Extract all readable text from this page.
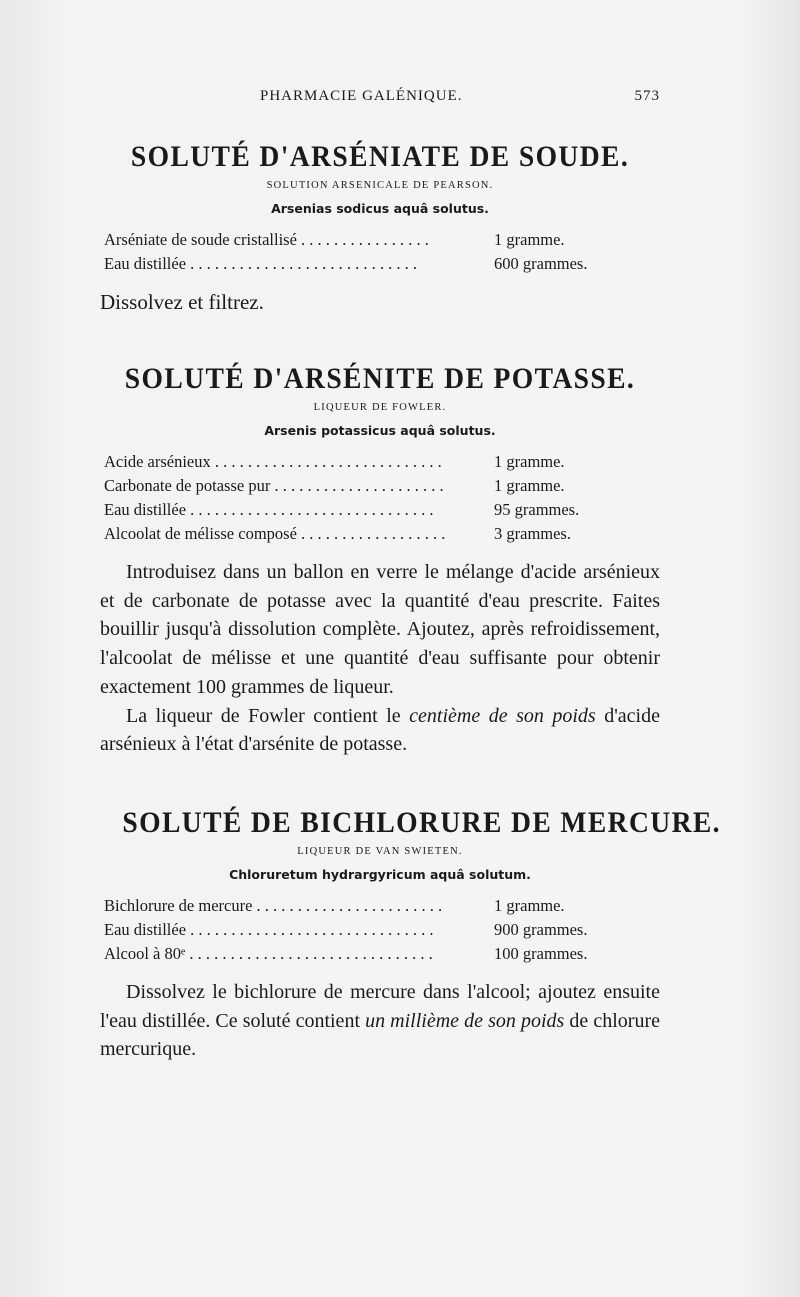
PHARMACIE GALÉNIQUE.	573
SOLUTÉ D'ARSÉNIATE DE SOUDE.
SOLUTION ARSENICALE DE PEARSON.
Arsenias sodicus aquâ solutus.
Arséniate de soude cristallisé . . . . . . . . . . . . . . . .	1 gramme.
Eau distillée . . . . . . . . . . . . . . . . . . . . . . . . . . . .	600 grammes.
Dissolvez et filtrez.
SOLUTÉ D'ARSÉNITE DE POTASSE.
LIQUEUR DE FOWLER.
Arsenis potassicus aquâ solutus.
Acide arsénieux . . . . . . . . . . . . . . . . . . . . . . . . . . . .	1 gramme.
Carbonate de potasse pur . . . . . . . . . . . . . . . . . . . . .	1 gramme.
Eau distillée . . . . . . . . . . . . . . . . . . . . . . . . . . . . . .	95 grammes.
Alcoolat de mélisse composé . . . . . . . . . . . . . . . . . .	3 grammes.

Introduisez dans un ballon en verre le mélange d'acide arsénieux et de carbonate de potasse avec la quantité d'eau prescrite. Faites bouillir jusqu'à dissolution complète. Ajoutez, après refroidissement, l'alcoolat de mélisse et une quantité d'eau suffisante pour obtenir exactement 100 grammes de liqueur.

La liqueur de Fowler contient le centième de son poids d'acide arsénieux à l'état d'arsénite de potasse.

SOLUTÉ DE BICHLORURE DE MERCURE.
LIQUEUR DE VAN SWIETEN.
Chloruretum hydrargyricum aquâ solutum.
Bichlorure de mercure . . . . . . . . . . . . . . . . . . . . . . .	1 gramme.
Eau distillée . . . . . . . . . . . . . . . . . . . . . . . . . . . . . .	900 grammes.
Alcool à 80ᵉ . . . . . . . . . . . . . . . . . . . . . . . . . . . . . .	100 grammes.

Dissolvez le bichlorure de mercure dans l'alcool; ajoutez ensuite l'eau distillée. Ce soluté contient un millième de son poids de chlorure mercurique.
